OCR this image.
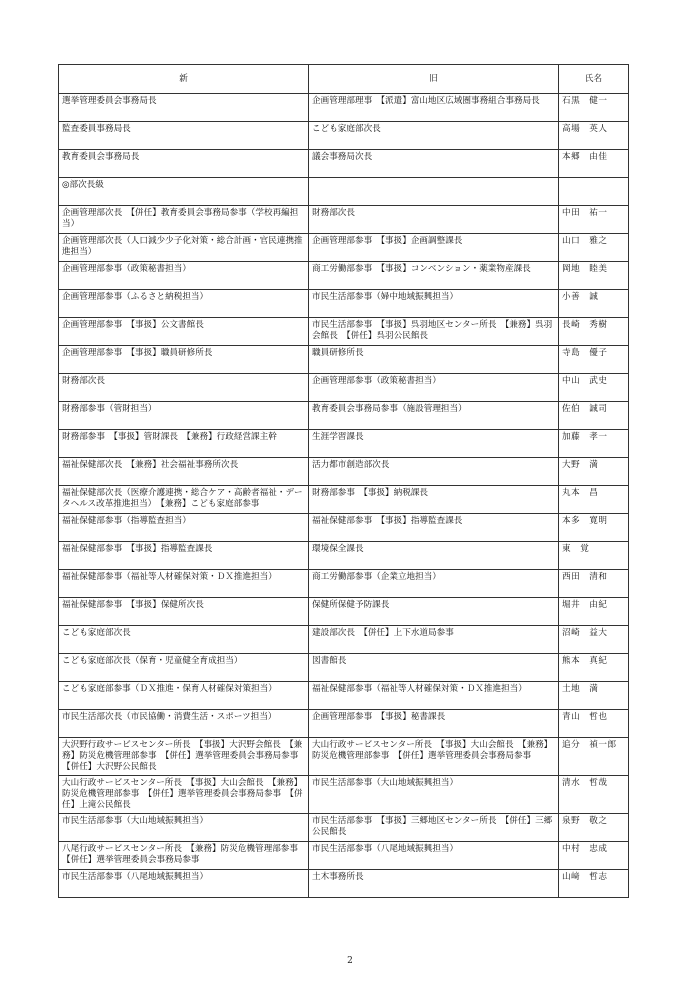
新	旧	氏名
選挙管理委員会事務局長	企画管理部理事　【派遣】富山地区広域圏事務組合事務局長	石黒　健一
監査委員事務局長	こども家庭部次長	高場　英人
教育委員会事務局長	議会事務局次長	本郷　由佳
◎部次長級		
企画管理部次長　【併任】教育委員会事務局参事（学校再編担当）	財務部次長	中田　祐一
企画管理部次長（人口減少少子化対策・総合計画・官民連携推進担当）	企画管理部参事　【事扱】企画調整課長	山口　雅之
企画管理部参事（政策秘書担当）	商工労働部参事　【事扱】コンベンション・薬業物産課長	岡地　睦美
企画管理部参事（ふるさと納税担当）	市民生活部参事（婦中地域振興担当）	小善　誠
企画管理部参事　【事扱】公文書館長	市民生活部参事　【事扱】呉羽地区センター所長　【兼務】呉羽会館長　【併任】呉羽公民館長	長崎　秀樹
企画管理部参事　【事扱】職員研修所長	職員研修所長	寺島　優子
財務部次長	企画管理部参事（政策秘書担当）	中山　武史
財務部参事（管財担当）	教育委員会事務局参事（施設管理担当）	佐伯　誠司
財務部参事　【事扱】管財課長　【兼務】行政経営課主幹	生涯学習課長	加藤　孝一
福祉保健部次長　【兼務】社会福祉事務所次長	活力都市創造部次長	大野　満
福祉保健部次長（医療介護連携・総合ケア・高齢者福祉・データヘルス改革推進担当）　【兼務】こども家庭部参事	財務部参事　【事扱】納税課長	丸本　昌
福祉保健部参事（指導監査担当）	福祉保健部参事　【事扱】指導監査課長	本多　寛明
福祉保健部参事　【事扱】指導監査課長	環境保全課長	東　覚
福祉保健部参事（福祉等人材確保対策・ＤＸ推進担当）	商工労働部参事（企業立地担当）	西田　清和
福祉保健部参事　【事扱】保健所次長	保健所保健予防課長	堀井　由紀
こども家庭部次長	建設部次長　【併任】上下水道局参事	沼崎　益大
こども家庭部次長（保育・児童健全育成担当）	図書館長	熊本　真紀
こども家庭部参事（ＤＸ推進・保育人材確保対策担当）	福祉保健部参事（福祉等人材確保対策・ＤＸ推進担当）	土地　満
市民生活部次長（市民協働・消費生活・スポーツ担当）	企画管理部参事　【事扱】秘書課長	青山　哲也
大沢野行政サービスセンター所長　【事扱】大沢野会館長　【兼務】防災危機管理部参事　【併任】選挙管理委員会事務局参事　【併任】大沢野公民館長	大山行政サービスセンター所長　【事扱】大山会館長　【兼務】防災危機管理部参事　【併任】選挙管理委員会事務局参事	追分　禎一郎
大山行政サービスセンター所長　【事扱】大山会館長　【兼務】防災危機管理部参事　【併任】選挙管理委員会事務局参事　【併任】上滝公民館長	市民生活部参事（大山地域振興担当）	清水　哲哉
市民生活部参事（大山地域振興担当）	市民生活部参事　【事扱】三郷地区センター所長　【併任】三郷公民館長	泉野　敬之
八尾行政サービスセンター所長　【兼務】防災危機管理部参事　【併任】選挙管理委員会事務局参事	市民生活部参事（八尾地域振興担当）	中村　忠成
市民生活部参事（八尾地域振興担当）	土木事務所長	山﨑　哲志
2
